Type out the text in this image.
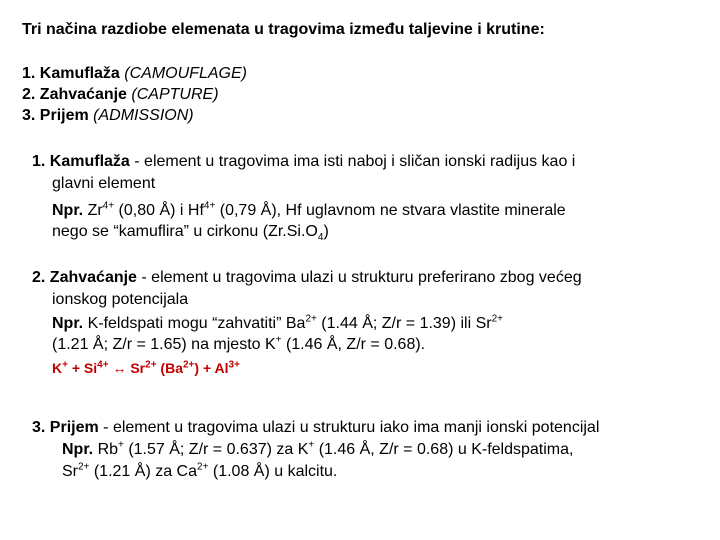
Tri načina razdiobe elemenata u tragovima između taljevine i krutine:
1. Kamuflaža (CAMOUFLAGE)
2. Zahvaćanje (CAPTURE)
3. Prijem (ADMISSION)
1. Kamuflaža - element u tragovima ima isti naboj i sličan ionski radijus kao i
glavni element
Npr. $Zr^{4+}$ (0,80 Å) i $Hf^{4+}$ (0,79 Å), Hf uglavnom ne stvara vlastite minerale
nego se “kamuflira” u cirkonu $(Zr.Si.O_4)$
2. Zahvaćanje - element u tragovima ulazi u strukturu preferirano zbog većeg
ionskog potencijala
Npr. K-feldspati mogu “zahvatiti” $Ba^{2+}$ (1.44 Å; Z/r = 1.39) ili $Sr^{2+}$
(1.21 Å; Z/r = 1.65) na mjesto K+ (1.46 Å, Z/r = 0.68).
$K^+ + Si^{4+}$ ↔ $Sr^{2+}$ $(Ba^{2+}) + Al^{3+}$
3. Prijem - element u tragovima ulazi u strukturu iako ima manji ionski potencijal
Npr. Rb+ (1.57 Å; Z/r = 0.637) za K+ (1.46 Å, Z/r = 0.68) u K-feldspatima,
$Sr^{2+}$ (1.21 Å) za $Ca^{2+}$ (1.08 Å) u kalcitu.
